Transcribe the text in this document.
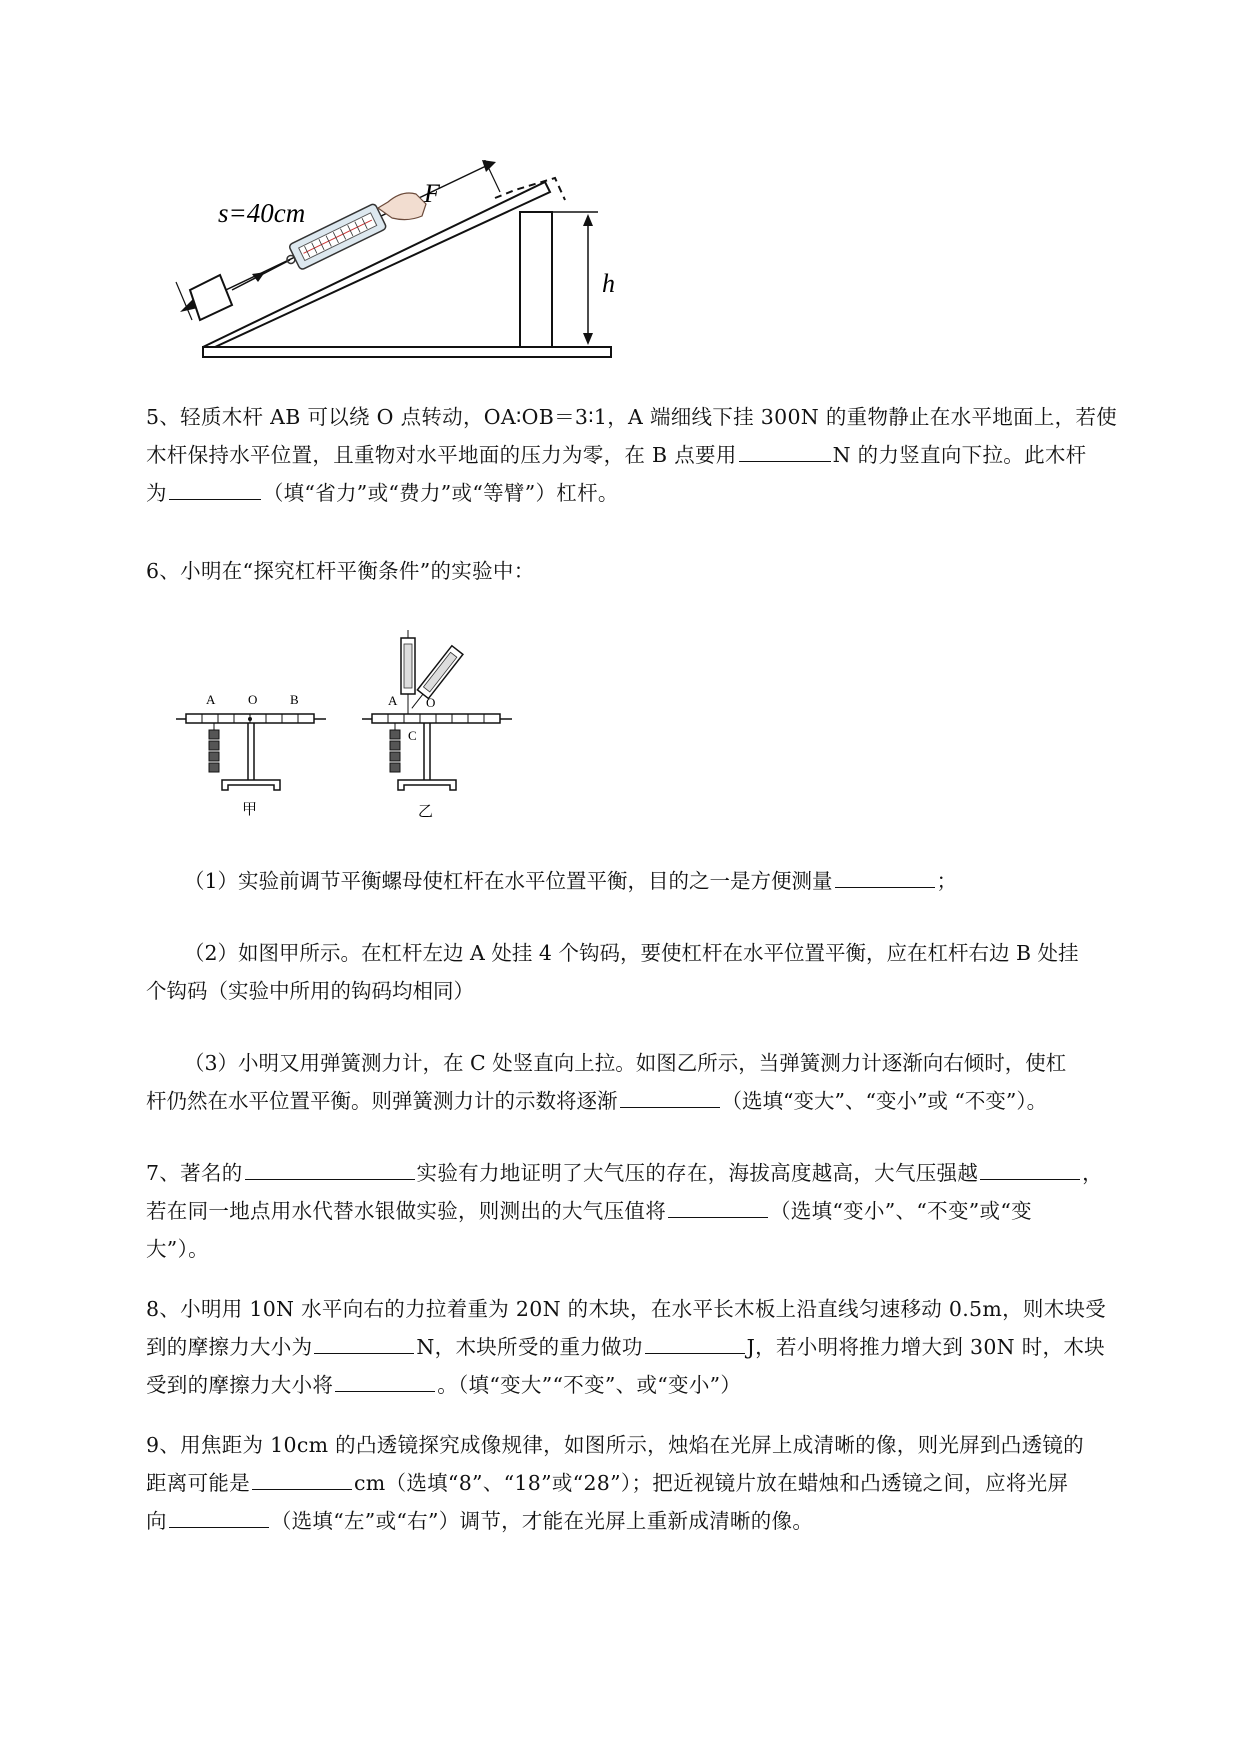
h
s=40cm
F

5、轻质木杆 AB 可以绕 O 点转动，OA∶OB＝3∶1，A 端细线下挂 300N 的重物静止在水平地面上，若使

木杆保持水平位置，且重物对水平地面的压力为零，在 B 点要用	N 的力竖直向下拉。此木杆

为	（填“省力”或“费力”或“等臂”）杠杆。

6、小明在“探究杠杆平衡条件”的实验中：

A	O	B
甲
A O
C
乙

（1）实验前调节平衡螺母使杠杆在水平位置平衡，目的之一是方便测量	；

（2）如图甲所示。在杠杆左边 A 处挂 4 个钩码，要使杠杆在水平位置平衡，应在杠杆右边 B 处挂

个钩码（实验中所用的钩码均相同）

（3）小明又用弹簧测力计，在 C 处竖直向上拉。如图乙所示，当弹簧测力计逐渐向右倾时，使杠

杆仍然在水平位置平衡。则弹簧测力计的示数将逐渐	（选填“变大”、“变小”或 “不变”）。

7、著名的	实验有力地证明了大气压的存在，海拔高度越高，大气压强越	，

若在同一地点用水代替水银做实验，则测出的大气压值将	（选填“变小”、“不变”或“变

大”）。

8、小明用 10N 水平向右的力拉着重为 20N 的木块，在水平长木板上沿直线匀速移动 0.5m，则木块受

到的摩擦力大小为	N，木块所受的重力做功	J，若小明将推力增大到 30N 时，木块

受到的摩擦力大小将	。（填“变大”“不变”、或“变小”）

9、用焦距为 10cm 的凸透镜探究成像规律，如图所示，烛焰在光屏上成清晰的像，则光屏到凸透镜的

距离可能是	cm（选填“8”、“18”或“28”）；把近视镜片放在蜡烛和凸透镜之间，应将光屏

向	（选填“左”或“右”）调节，才能在光屏上重新成清晰的像。
